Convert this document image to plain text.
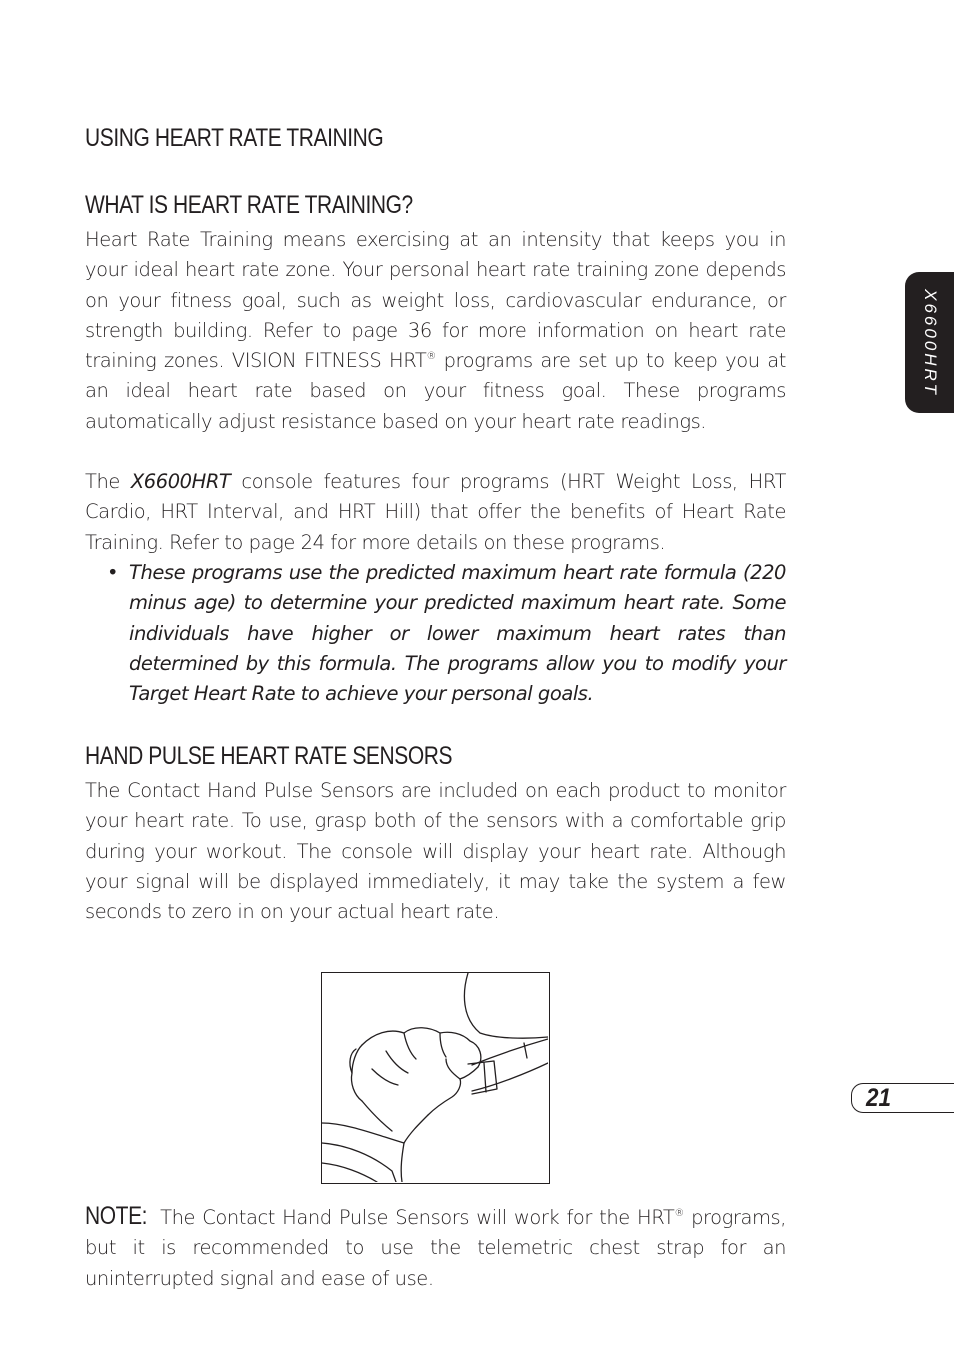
USING HEART RATE TRAINING
WHAT IS HEART RATE TRAINING?

Heart Rate Training means exercising at an intensity that keeps you in your ideal heart rate zone. Your personal heart rate training zone depends on your fitness goal, such as weight loss, cardiovascular endurance, or strength building. Refer to page 36 for more information on heart rate training zones. VISION FITNESS HRT® programs are set up to keep you at an ideal heart rate based on your fitness goal. These programs automatically adjust resistance based on your heart rate readings.

The X6600HRT console features four programs (HRT Weight Loss, HRT Cardio, HRT Interval, and HRT Hill) that offer the benefits of Heart Rate Training. Refer to page 24 for more details on these programs.

• These programs use the predicted maximum heart rate formula (220 minus age) to determine your predicted maximum heart rate. Some individuals have higher or lower maximum heart rates than determined by this formula. The programs allow you to modify your Target Heart Rate to achieve your personal goals.

HAND PULSE HEART RATE SENSORS

The Contact Hand Pulse Sensors are included on each product to monitor your heart rate. To use, grasp both of the sensors with a comfortable grip during your workout. The console will display your heart rate. Although your signal will be displayed immediately, it may take the system a few seconds to zero in on your actual heart rate.

NOTE: The Contact Hand Pulse Sensors will work for the HRT® programs, but it is recommended to use the telemetric chest strap for an uninterrupted signal and ease of use.

X6600HRT
21
